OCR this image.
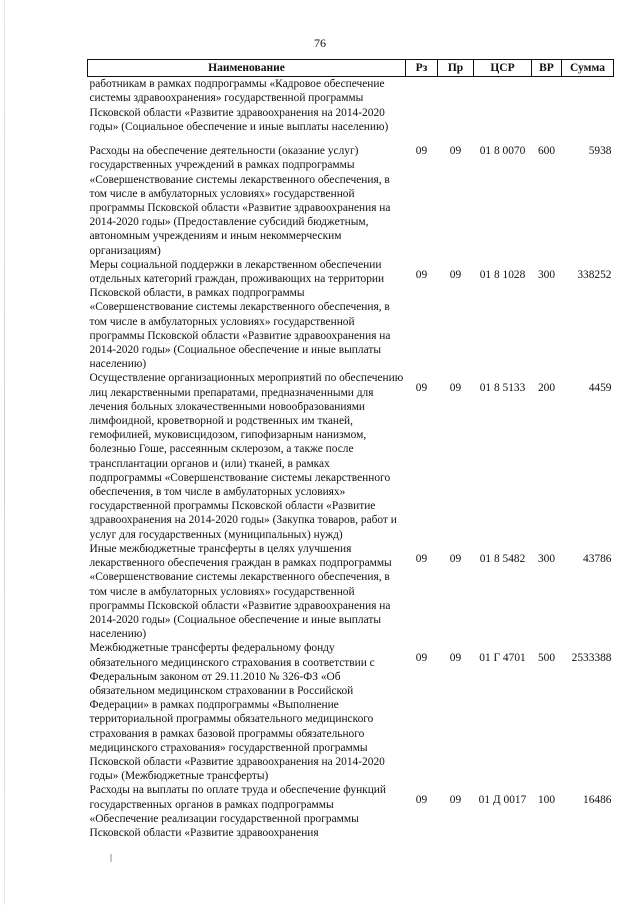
76
Наименование	Рз	Пр	ЦСР	ВР	Сумма
работникам в рамках подпрограммы «Кадровое обеспечение системы здравоохранения» государственной программы Псковской области «Развитие здравоохранения на 2014-2020 годы» (Социальное обеспечение и иные выплаты населению)					
Расходы на обеспечение деятельности (оказание услуг) государственных учреждений в рамках подпрограммы «Совершенствование системы лекарственного обеспечения, в том числе в амбулаторных условиях» государственной программы Псковской области «Развитие здравоохранения на 2014-2020 годы» (Предоставление субсидий бюджетным, автономным учреждениям и иным некоммерческим организациям)	09	09	01 8 0070	600	5938
Меры социальной поддержки в лекарственном обеспечении отдельных категорий граждан, проживающих на территории Псковской области, в рамках подпрограммы «Совершенствование системы лекарственного обеспечения, в том числе в амбулаторных условиях» государственной программы Псковской области «Развитие здравоохранения на 2014-2020 годы» (Социальное обеспечение и иные выплаты населению)	09	09	01 8 1028	300	338252
Осуществление организационных мероприятий по обеспечению лиц лекарственными препаратами, предназначенными для лечения больных злокачественными новообразованиями лимфоидной, кроветворной и родственных им тканей, гемофилией, муковисцидозом, гипофизарным нанизмом, болезнью Гоше, рассеянным склерозом, а также после трансплантации органов и (или) тканей, в рамках подпрограммы «Совершенствование системы лекарственного обеспечения, в том числе в амбулаторных условиях» государственной программы Псковской области «Развитие здравоохранения на 2014-2020 годы» (Закупка товаров, работ и услуг для государственных (муниципальных) нужд)	09	09	01 8 5133	200	4459
Иные межбюджетные трансферты в целях улучшения лекарственного обеспечения граждан в рамках подпрограммы «Совершенствование системы лекарственного обеспечения, в том числе в амбулаторных условиях» государственной программы Псковской области «Развитие здравоохранения на 2014-2020 годы» (Социальное обеспечение и иные выплаты населению)	09	09	01 8 5482	300	43786
Межбюджетные трансферты федеральному фонду обязательного медицинского страхования в соответствии с Федеральным законом от 29.11.2010 № 326-ФЗ «Об обязательном медицинском страховании в Российской Федерации» в рамках подпрограммы «Выполнение территориальной программы обязательного медицинского страхования в рамках базовой программы обязательного медицинского страхования» государственной программы Псковской области «Развитие здравоохранения на 2014-2020 годы» (Межбюджетные трансферты)	09	09	01 Г 4701	500	2533388
Расходы на выплаты по оплате труда и обеспечение функций государственных органов в рамках подпрограммы «Обеспечение реализации государственной программы Псковской области «Развитие здравоохранения	09	09	01 Д 0017	100	16486
